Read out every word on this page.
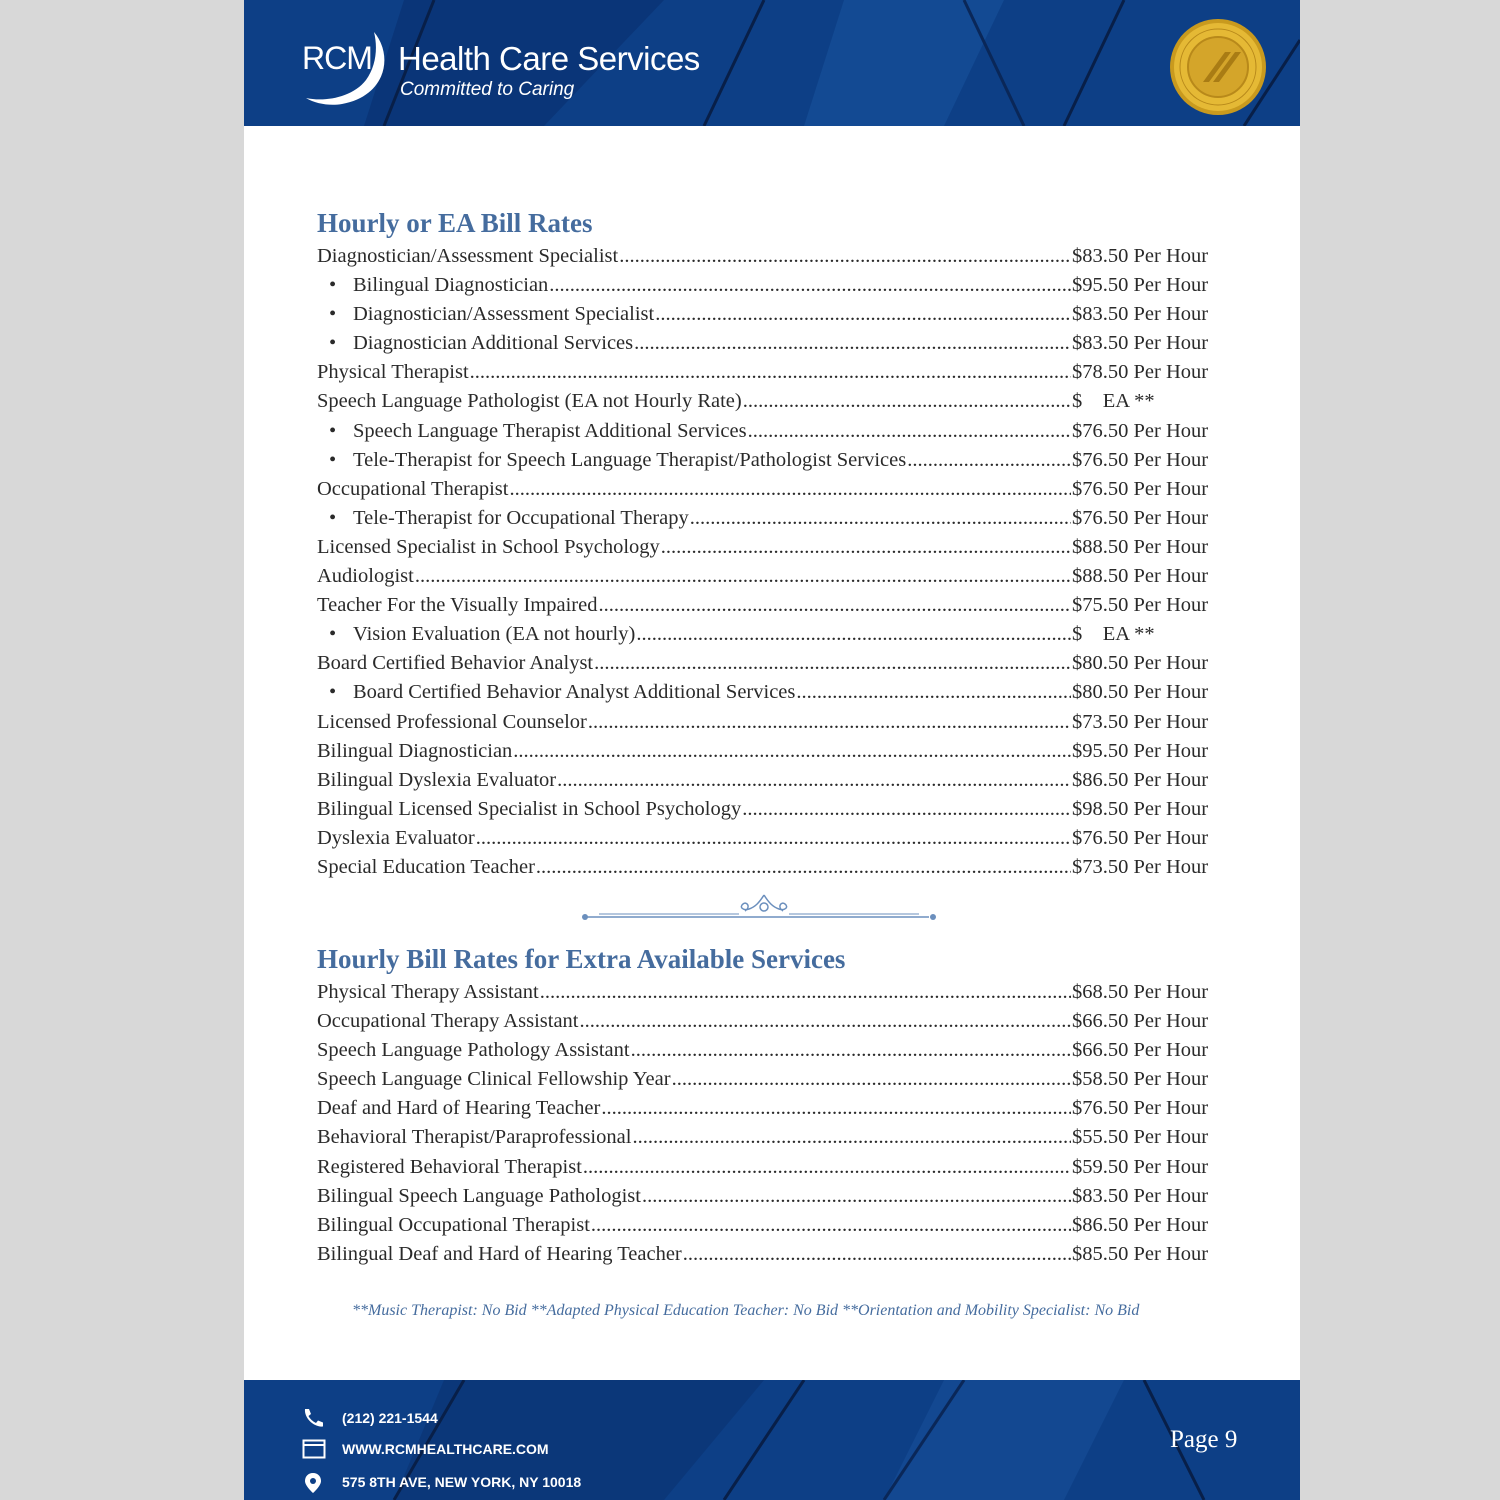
RCM Health Care Services
Committed to Caring
Hourly or EA Bill Rates
Diagnostician/Assessment Specialist .....	$83.50 Per Hour
• Bilingual Diagnostician .....	$95.50 Per Hour
• Diagnostician/Assessment Specialist .....	$83.50 Per Hour
• Diagnostician Additional Services .....	$83.50 Per Hour
Physical Therapist .....	$78.50 Per Hour
Speech Language Pathologist (EA not Hourly Rate) .....	$    EA **
• Speech Language Therapist Additional Services .....	$76.50 Per Hour
• Tele-Therapist for Speech Language Therapist/Pathologist Services .....	$76.50 Per Hour
Occupational Therapist .....	$76.50 Per Hour
• Tele-Therapist for Occupational Therapy .....	$76.50 Per Hour
Licensed Specialist in School Psychology .....	$88.50 Per Hour
Audiologist .....	$88.50 Per Hour
Teacher For the Visually Impaired .....	$75.50 Per Hour
• Vision Evaluation (EA not hourly) .....	$    EA **
Board Certified Behavior Analyst .....	$80.50 Per Hour
• Board Certified Behavior Analyst Additional Services .....	$80.50 Per Hour
Licensed Professional Counselor .....	$73.50 Per Hour
Bilingual Diagnostician .....	$95.50 Per Hour
Bilingual Dyslexia Evaluator .....	$86.50 Per Hour
Bilingual Licensed Specialist in School Psychology .....	$98.50 Per Hour
Dyslexia Evaluator .....	$76.50 Per Hour
Special Education Teacher .....	$73.50 Per Hour
Hourly Bill Rates for Extra Available Services
Physical Therapy Assistant .....	$68.50 Per Hour
Occupational Therapy Assistant .....	$66.50 Per Hour
Speech Language Pathology Assistant .....	$66.50 Per Hour
Speech Language Clinical Fellowship Year .....	$58.50 Per Hour
Deaf and Hard of Hearing Teacher .....	$76.50 Per Hour
Behavioral Therapist/Paraprofessional .....	$55.50 Per Hour
Registered Behavioral Therapist .....	$59.50 Per Hour
Bilingual Speech Language Pathologist .....	$83.50 Per Hour
Bilingual Occupational Therapist .....	$86.50 Per Hour
Bilingual Deaf and Hard of Hearing Teacher .....	$85.50 Per Hour
**Music Therapist: No Bid **Adapted Physical Education Teacher: No Bid **Orientation and Mobility Specialist: No Bid
(212) 221-1544
WWW.RCMHEALTHCARE.COM
575 8TH AVE, NEW YORK, NY 10018
Page 9
